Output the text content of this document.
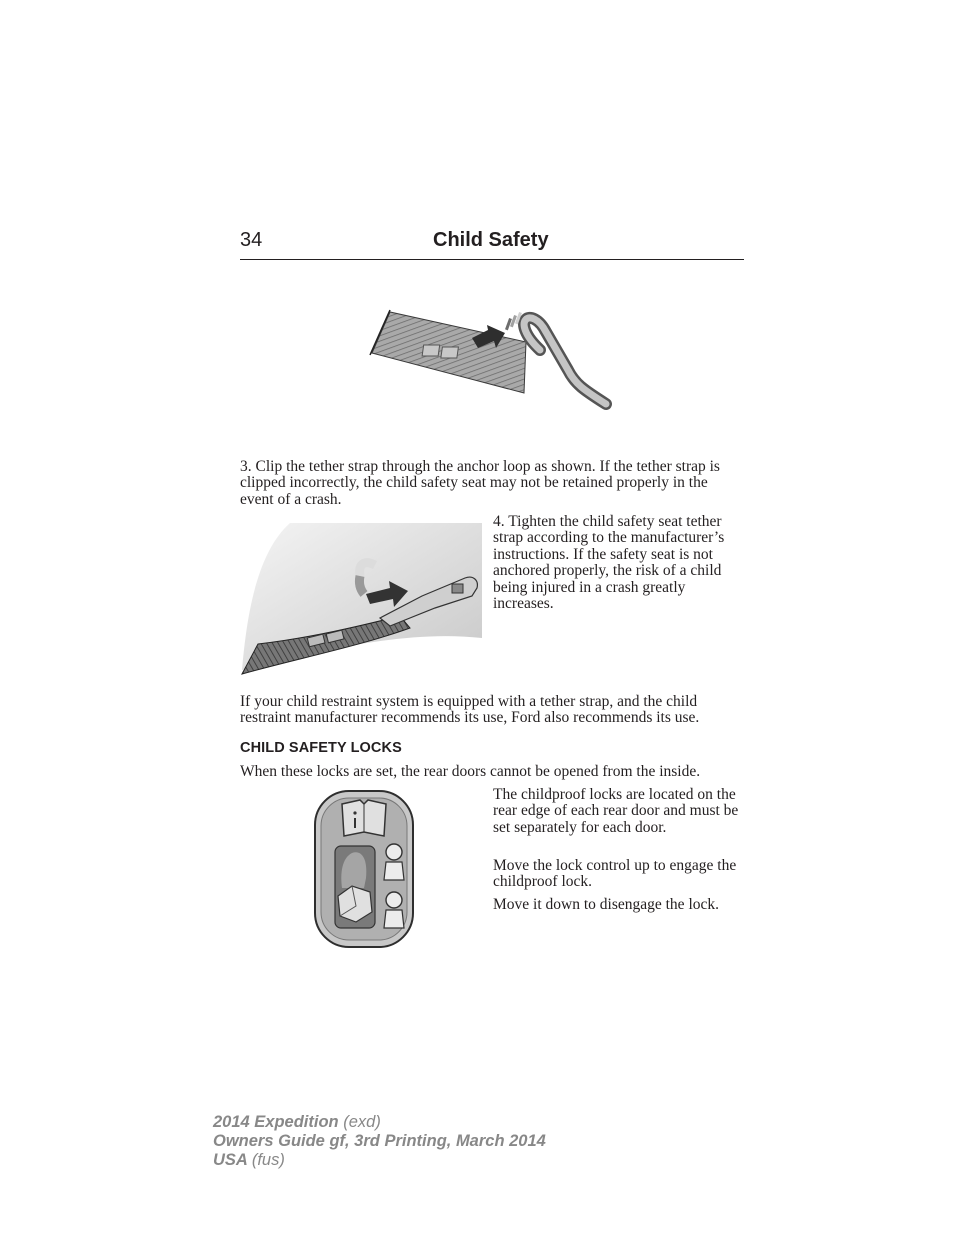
34	Child Safety

3. Clip the tether strap through the anchor loop as shown. If the tether strap is clipped incorrectly, the child safety seat may not be retained properly in the event of a crash.

4. Tighten the child safety seat tether strap according to the manufacturer’s instructions. If the safety seat is not anchored properly, the risk of a child being injured in a crash greatly increases.

If your child restraint system is equipped with a tether strap, and the child restraint manufacturer recommends its use, Ford also recommends its use.

CHILD SAFETY LOCKS

When these locks are set, the rear doors cannot be opened from the inside.

The childproof locks are located on the rear edge of each rear door and must be set separately for each door.

Move the lock control up to engage the childproof lock.

Move it down to disengage the lock.

2014 Expedition (exd)
Owners Guide gf, 3rd Printing, March 2014
USA (fus)
